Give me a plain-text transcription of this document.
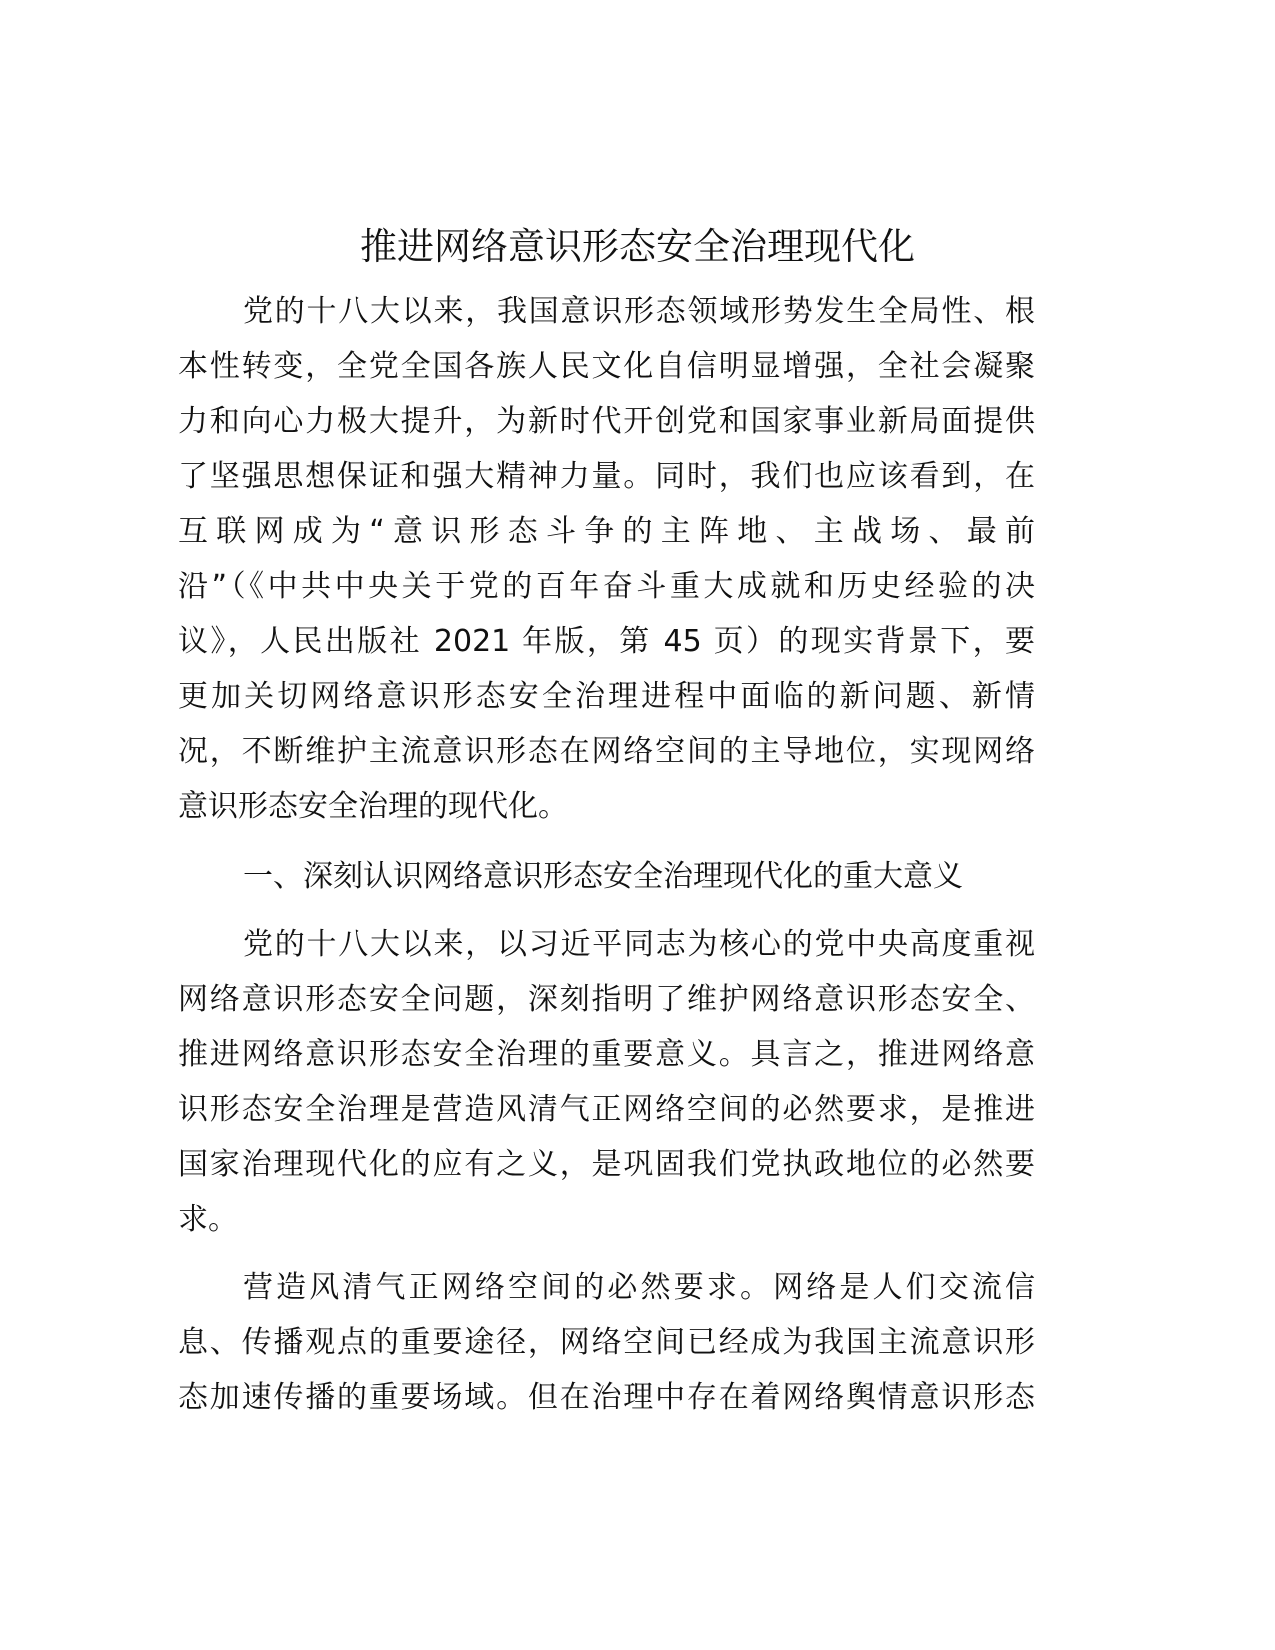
推进网络意识形态安全治理现代化
党的十八大以来，我国意识形态领域形势发生全局性、根
本性转变，全党全国各族人民文化自信明显增强，全社会凝聚
力和向心力极大提升，为新时代开创党和国家事业新局面提供
了坚强思想保证和强大精神力量。同时，我们也应该看到，在
互联网成为“意识形态斗争的主阵地、主战场、最前
沿”（《中共中央关于党的百年奋斗重大成就和历史经验的决
议》，人民出版社 2021 年版，第 45 页）的现实背景下，要
更加关切网络意识形态安全治理进程中面临的新问题、新情
况，不断维护主流意识形态在网络空间的主导地位，实现网络
意识形态安全治理的现代化。
一、深刻认识网络意识形态安全治理现代化的重大意义
党的十八大以来，以习近平同志为核心的党中央高度重视
网络意识形态安全问题，深刻指明了维护网络意识形态安全、
推进网络意识形态安全治理的重要意义。具言之，推进网络意
识形态安全治理是营造风清气正网络空间的必然要求，是推进
国家治理现代化的应有之义，是巩固我们党执政地位的必然要
求。
营造风清气正网络空间的必然要求。网络是人们交流信
息、传播观点的重要途径，网络空间已经成为我国主流意识形
态加速传播的重要场域。但在治理中存在着网络舆情意识形态
